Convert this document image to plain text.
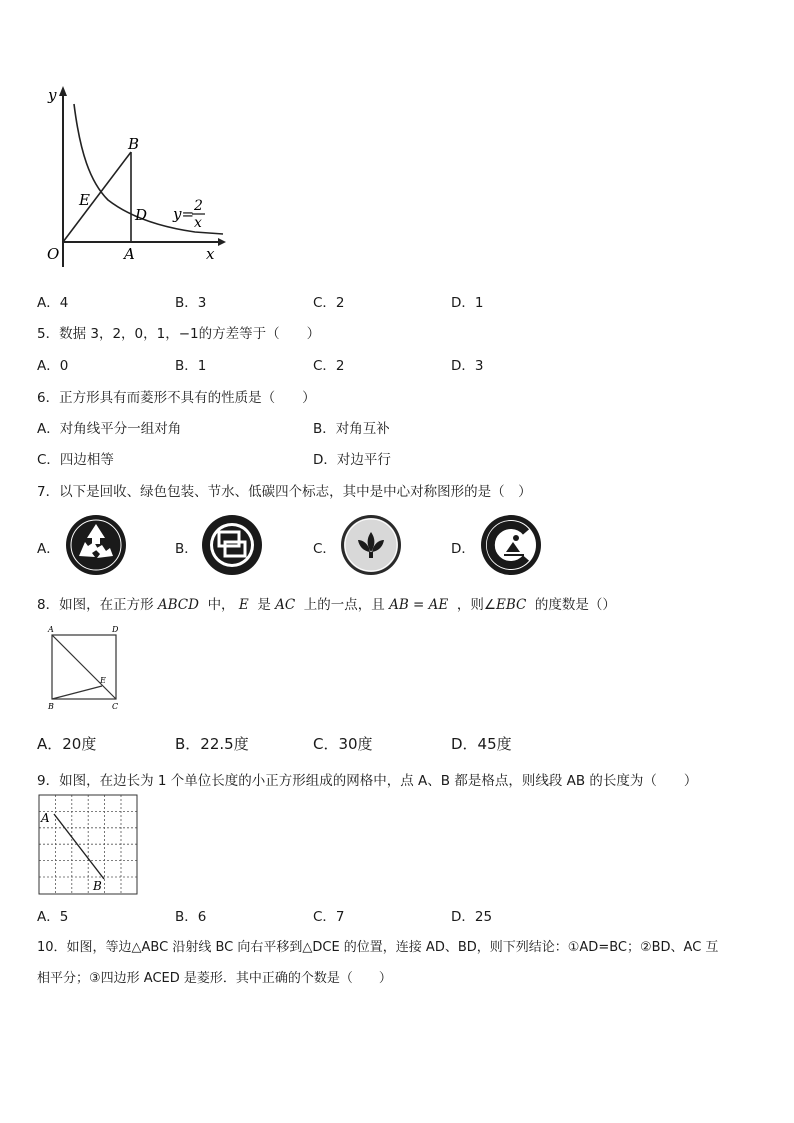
y
x
O	A
B
D
E
y= 2
x
A．4	B．3	C．2	D．1
5．数据 3，2，0，1，−1的方差等于（　　）
A．0	B．1	C．2	D．3
6．正方形具有而菱形不具有的性质是（　　）
A．对角线平分一组对角	B．对角互补
C．四边相等	D．对边平行
7．以下是回收、绿色包装、节水、低碳四个标志，其中是中心对称图形的是（　）
A．	B．	C．	D．
8．如图，在正方形 ABCD 中， E 是 AC 上的一点，且 AB = AE ，则∠EBC 的度数是（）
A	D
B	C
E
A．20度	B．22.5度	C．30度	D．45度
9．如图，在边长为 1 个单位长度的小正方形组成的网格中，点 A、B 都是格点，则线段 AB 的长度为（　　）
A
B
A．5	B．6	C．7	D．25
10．如图，等边△ABC 沿射线 BC 向右平移到△DCE 的位置，连接 AD、BD，则下列结论：①AD=BC；②BD、AC 互
相平分；③四边形 ACED 是菱形．其中正确的个数是（　　）
